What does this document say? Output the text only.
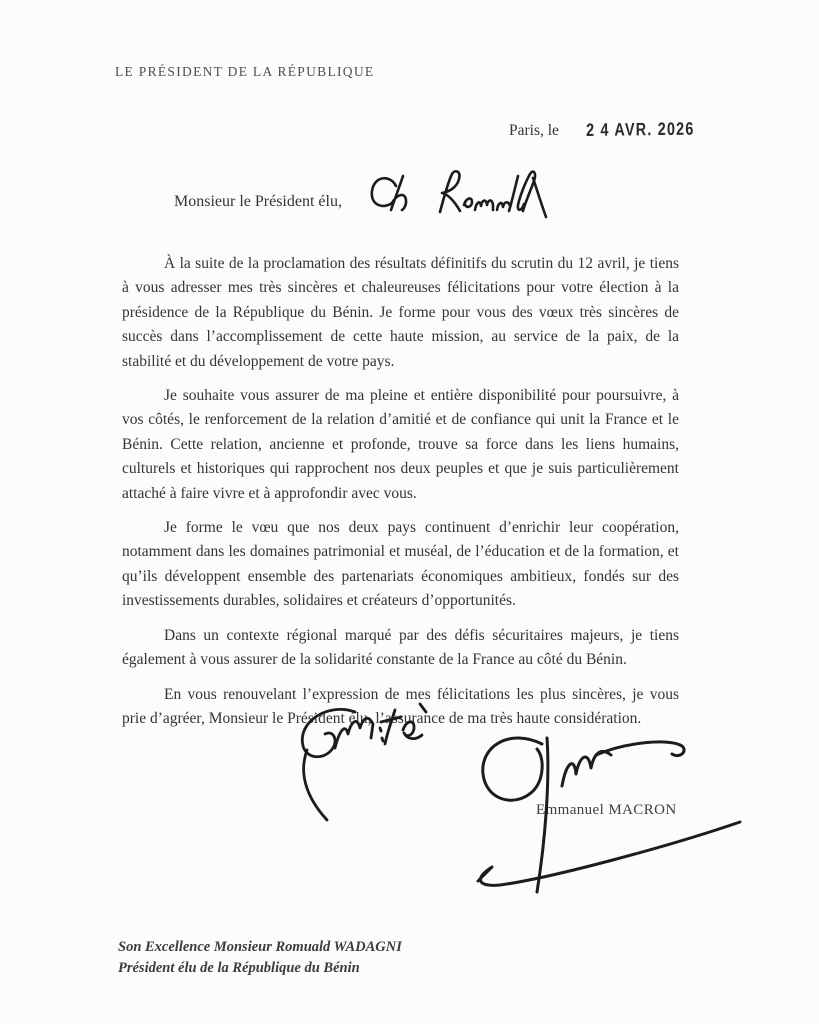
LE PRÉSIDENT DE LA RÉPUBLIQUE
Paris, le 2 4 AVR. 2026
Monsieur le Président élu,

À la suite de la proclamation des résultats définitifs du scrutin du 12 avril, je tiens à vous adresser mes très sincères et chaleureuses félicitations pour votre élection à la présidence de la République du Bénin. Je forme pour vous des vœux très sincères de succès dans l’accomplissement de cette haute mission, au service de la paix, de la stabilité et du développement de votre pays.

Je souhaite vous assurer de ma pleine et entière disponibilité pour poursuivre, à vos côtés, le renforcement de la relation d’amitié et de confiance qui unit la France et le Bénin. Cette relation, ancienne et profonde, trouve sa force dans les liens humains, culturels et historiques qui rapprochent nos deux peuples et que je suis particulièrement attaché à faire vivre et à approfondir avec vous.

Je forme le vœu que nos deux pays continuent d’enrichir leur coopération, notamment dans les domaines patrimonial et muséal, de l’éducation et de la formation, et qu’ils développent ensemble des partenariats économiques ambitieux, fondés sur des investissements durables, solidaires et créateurs d’opportunités.

Dans un contexte régional marqué par des défis sécuritaires majeurs, je tiens également à vous assurer de la solidarité constante de la France au côté du Bénin.

En vous renouvelant l’expression de mes félicitations les plus sincères, je vous prie d’agréer, Monsieur le Président élu, l’assurance de ma très haute considération.

Emmanuel MACRON
Son Excellence Monsieur Romuald WADAGNI
Président élu de la République du Bénin
